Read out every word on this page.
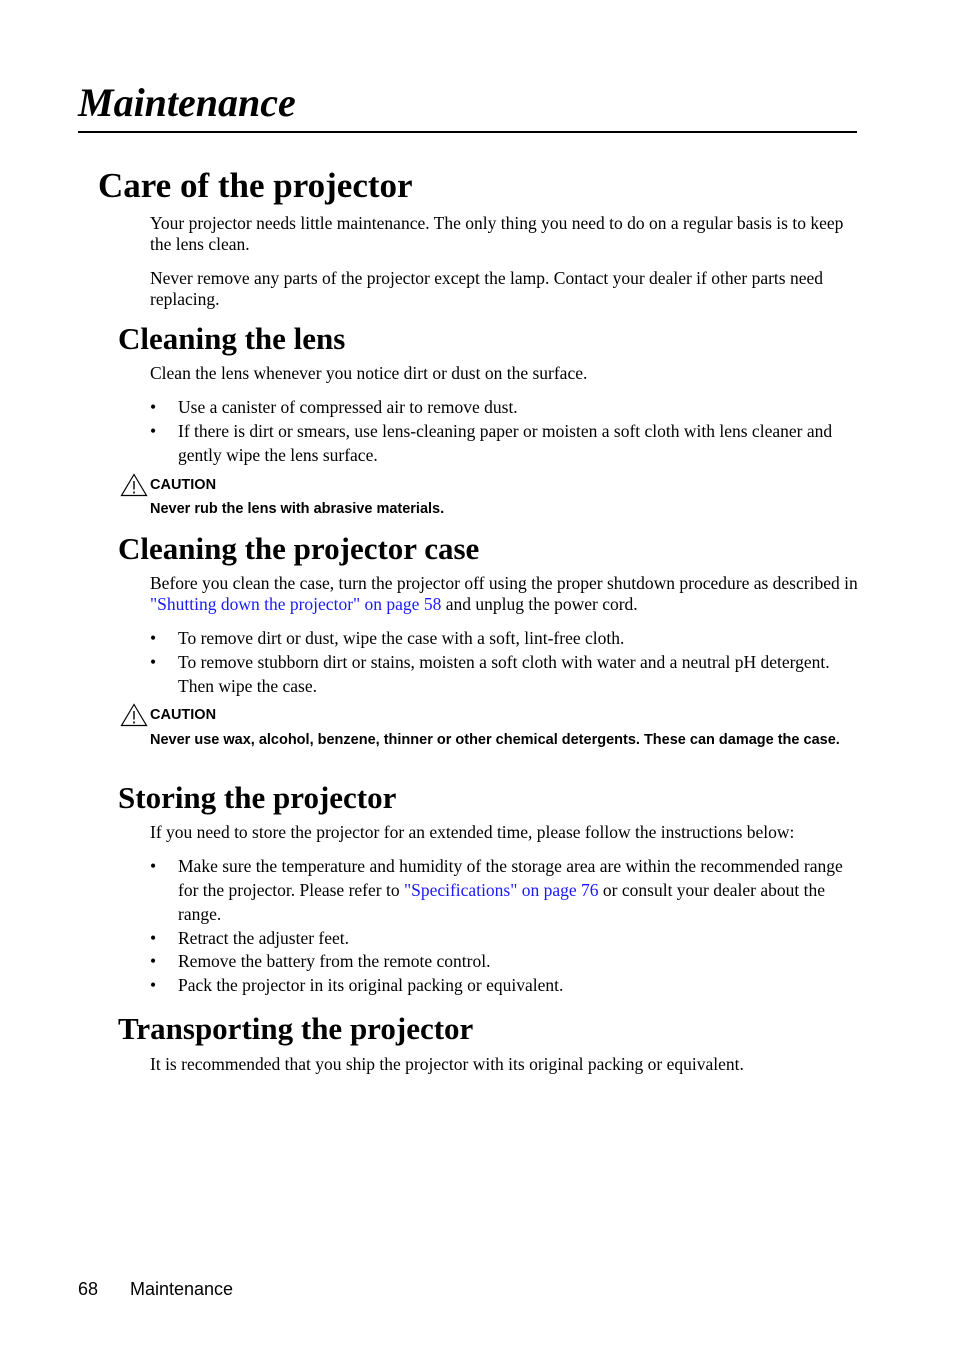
Maintenance
Care of the projector
Your projector needs little maintenance. The only thing you need to do on a regular basis is to keep the lens clean.
Never remove any parts of the projector except the lamp. Contact your dealer if other parts need replacing.
Cleaning the lens
Clean the lens whenever you notice dirt or dust on the surface.
• Use a canister of compressed air to remove dust.
• If there is dirt or smears, use lens-cleaning paper or moisten a soft cloth with lens cleaner and gently wipe the lens surface.
CAUTION
Never rub the lens with abrasive materials.
Cleaning the projector case
Before you clean the case, turn the projector off using the proper shutdown procedure as described in "Shutting down the projector" on page 58 and unplug the power cord.
• To remove dirt or dust, wipe the case with a soft, lint-free cloth.
• To remove stubborn dirt or stains, moisten a soft cloth with water and a neutral pH detergent. Then wipe the case.
CAUTION
Never use wax, alcohol, benzene, thinner or other chemical detergents. These can damage the case.
Storing the projector
If you need to store the projector for an extended time, please follow the instructions below:
• Make sure the temperature and humidity of the storage area are within the recommended range for the projector. Please refer to "Specifications" on page 76 or consult your dealer about the range.
• Retract the adjuster feet.
• Remove the battery from the remote control.
• Pack the projector in its original packing or equivalent.
Transporting the projector
It is recommended that you ship the projector with its original packing or equivalent.
68 Maintenance
